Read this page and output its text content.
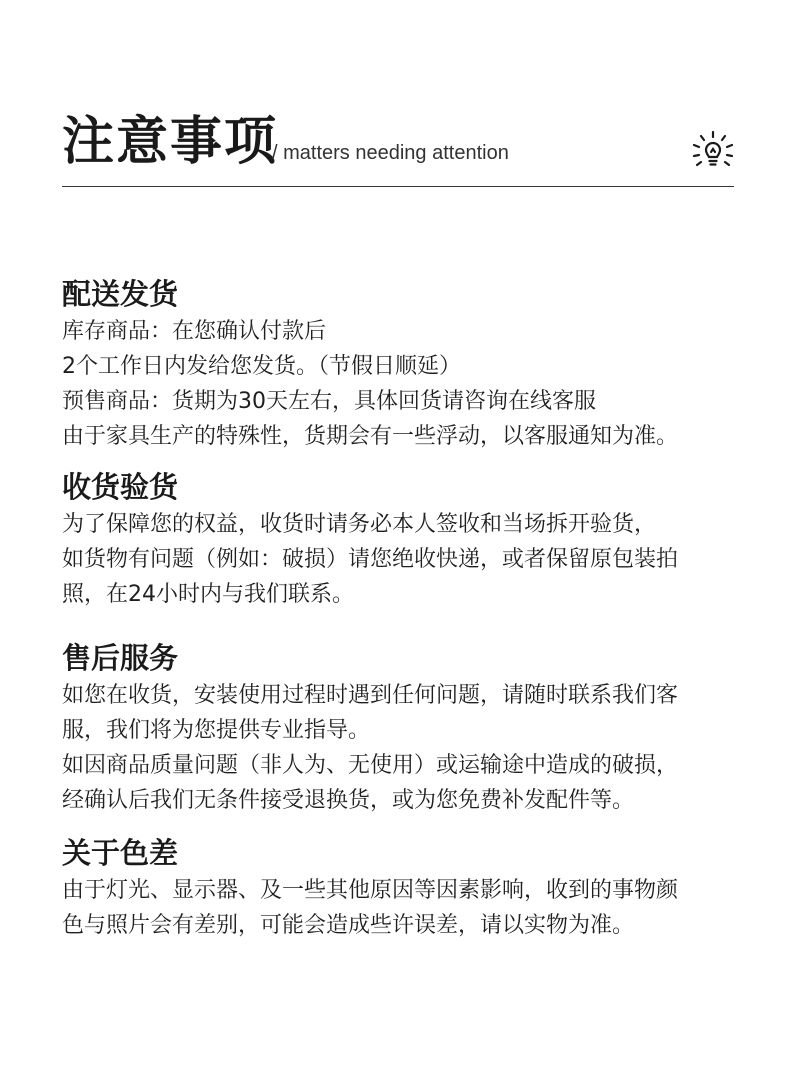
注意事项
/ matters needing attention
配送发货
库存商品：在您确认付款后
2个工作日内发给您发货。（节假日顺延）
预售商品：货期为30天左右，具体回货请咨询在线客服
由于家具生产的特殊性，货期会有一些浮动，以客服通知为准。
收货验货
为了保障您的权益，收货时请务必本人签收和当场拆开验货，
如货物有问题（例如：破损）请您绝收快递，或者保留原包装拍
照，在24小时内与我们联系。
售后服务
如您在收货，安装使用过程时遇到任何问题，请随时联系我们客
服，我们将为您提供专业指导。
如因商品质量问题（非人为、无使用）或运输途中造成的破损，
经确认后我们无条件接受退换货，或为您免费补发配件等。
关于色差
由于灯光、显示器、及一些其他原因等因素影响，收到的事物颜
色与照片会有差别，可能会造成些许误差，请以实物为准。
